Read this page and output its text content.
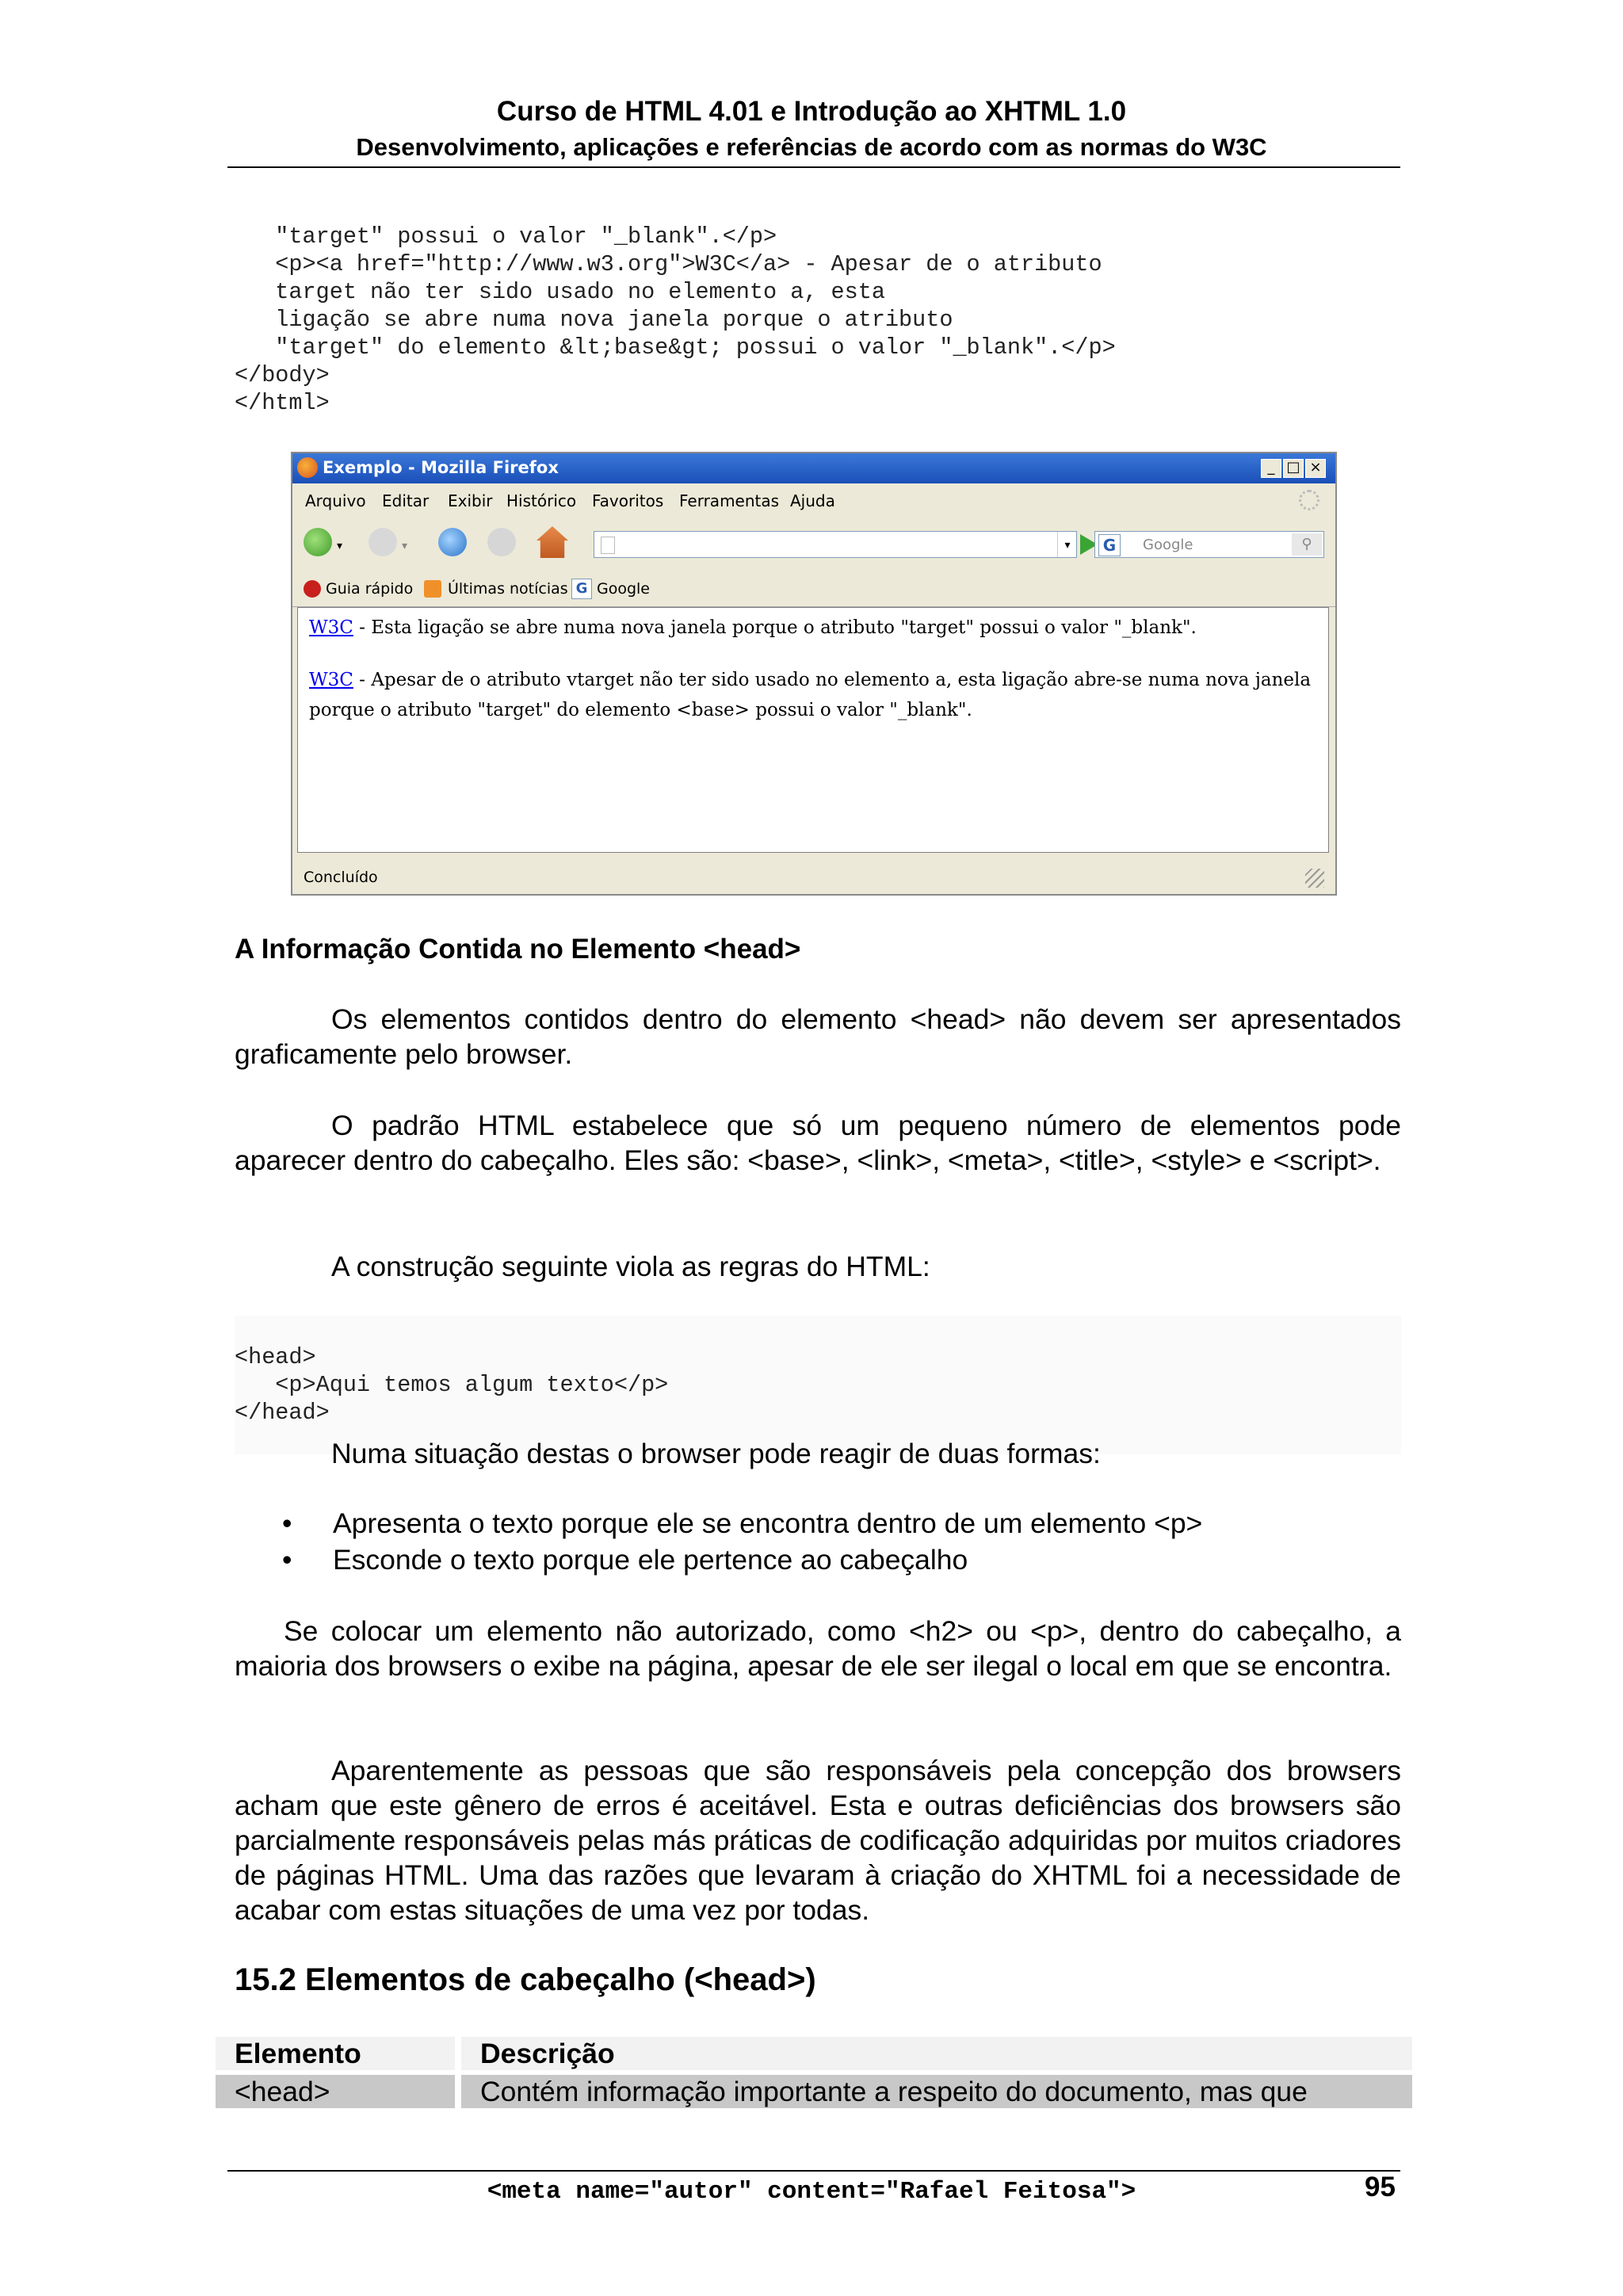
Curso de HTML 4.01 e Introdução ao XHTML 1.0
Desenvolvimento, aplicações e referências de acordo com as normas do W3C

"target" possui o valor "_blank".</p>
<p><a href="http://www.w3.org">W3C</a> - Apesar de o atributo
target não ter sido usado no elemento a, esta
ligação se abre numa nova janela porque o atributo
"target" do elemento &lt;base&gt; possui o valor "_blank".</p>
</body>
</html>

Exemplo - Mozilla Firefox	_ □ ×
Arquivo Editar Exibir Histórico Favoritos Ferramentas Ajuda
▾	▾	▾	G	Google	⚲
Guia rápido Últimas notícias G Google
W3C - Esta ligação se abre numa nova janela porque o atributo "target" possui o valor "_blank".
W3C - Apesar de o atributo vtarget não ter sido usado no elemento a, esta ligação abre-se numa nova janela
porque o atributo "target" do elemento <base> possui o valor "_blank".
Concluído
A Informação Contida no Elemento <head>
Os elementos contidos dentro do elemento <head> não devem ser apresentados graficamente pelo browser.
O padrão HTML estabelece que só um pequeno número de elementos pode aparecer dentro do cabeçalho. Eles são: <base>, <link>, <meta>, <title>, <style> e <script>.
A construção seguinte viola as regras do HTML:

<head>
<p>Aqui temos algum texto</p>
</head>

Numa situação destas o browser pode reagir de duas formas:
• Apresenta o texto porque ele se encontra dentro de um elemento <p>
• Esconde o texto porque ele pertence ao cabeçalho
Se colocar um elemento não autorizado, como <h2> ou <p>, dentro do cabeçalho, a maioria dos browsers o exibe na página, apesar de ele ser ilegal o local em que se encontra.
Aparentemente as pessoas que são responsáveis pela concepção dos browsers acham que este gênero de erros é aceitável. Esta e outras deficiências dos browsers são parcialmente responsáveis pelas más práticas de codificação adquiridas por muitos criadores de páginas HTML. Uma das razões que levaram à criação do XHTML foi a necessidade de acabar com estas situações de uma vez por todas.
15.2 Elementos de cabeçalho (<head>)
Elemento	Descrição
<head>	Contém informação importante a respeito do documento, mas que
<meta name="autor" content="Rafael Feitosa">	95
